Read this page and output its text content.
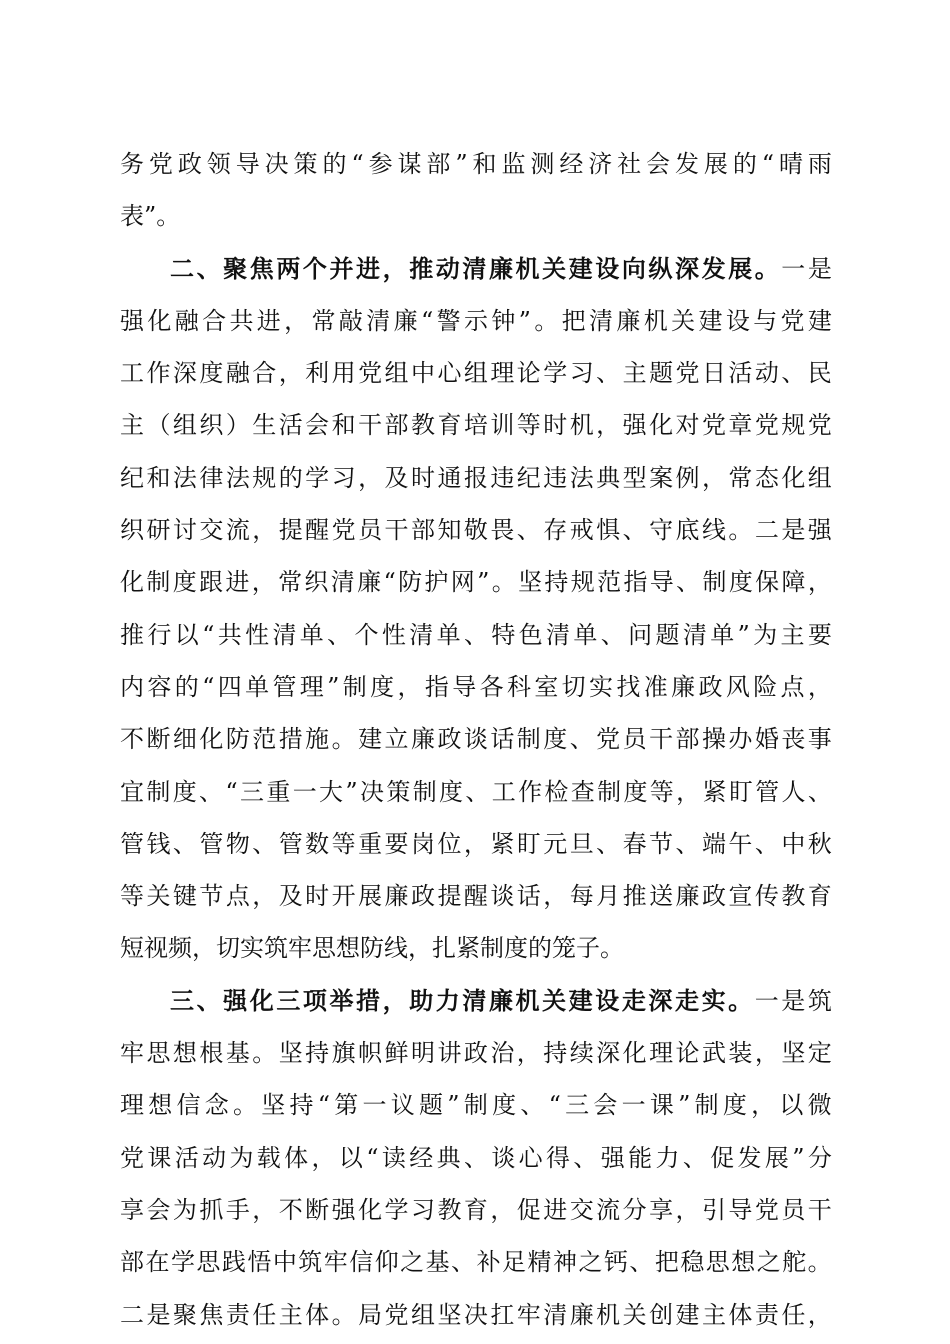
务 党 政 领 导 决 策 的 “ 参 谋 部 ” 和 监 测 经 济 社 会 发 展 的 “ 晴 雨
表”。
二 、 聚 焦 两 个 并 进 ， 推 动 清 廉 机 关 建 设 向 纵 深 发 展 。 一 是
强 化 融 合 共 进 ， 常 敲 清 廉 “ 警 示 钟 ” 。 把 清 廉 机 关 建 设 与 党 建
工 作 深 度 融 合 ， 利 用 党 组 中 心 组 理 论 学 习 、 主 题 党 日 活 动 、 民
主 （ 组 织 ） 生 活 会 和 干 部 教 育 培 训 等 时 机 ， 强 化 对 党 章 党 规 党
纪 和 法 律 法 规 的 学 习 ， 及 时 通 报 违 纪 违 法 典 型 案 例 ， 常 态 化 组
织 研 讨 交 流 ， 提 醒 党 员 干 部 知 敬 畏 、 存 戒 惧 、 守 底 线 。 二 是 强
化 制 度 跟 进 ， 常 织 清 廉 “ 防 护 网 ” 。 坚 持 规 范 指 导 、 制 度 保 障 ，
推 行 以 “ 共 性 清 单 、 个 性 清 单 、 特 色 清 单 、 问 题 清 单 ” 为 主 要
内 容 的 “ 四 单 管 理 ” 制 度 ， 指 导 各 科 室 切 实 找 准 廉 政 风 险 点 ，
不 断 细 化 防 范 措 施 。 建 立 廉 政 谈 话 制 度 、 党 员 干 部 操 办 婚 丧 事
宜 制 度 、 “ 三 重 一 大 ” 决 策 制 度 、 工 作 检 查 制 度 等 ， 紧 盯 管 人 、
管 钱 、 管 物 、 管 数 等 重 要 岗 位 ， 紧 盯 元 旦 、 春 节 、 端 午 、 中 秋
等 关 键 节 点 ， 及 时 开 展 廉 政 提 醒 谈 话 ， 每 月 推 送 廉 政 宣 传 教 育
短视频，切实筑牢思想防线，扎紧制度的笼子。
三 、 强 化 三 项 举 措 ， 助 力 清 廉 机 关 建 设 走 深 走 实 。 一 是 筑
牢 思 想 根 基 。 坚 持 旗 帜 鲜 明 讲 政 治 ， 持 续 深 化 理 论 武 装 ， 坚 定
理 想 信 念 。 坚 持 “ 第 一 议 题 ” 制 度 、 “ 三 会 一 课 ” 制 度 ， 以 微
党 课 活 动 为 载 体 ， 以 “ 读 经 典 、 谈 心 得 、 强 能 力 、 促 发 展 ” 分
享 会 为 抓 手 ， 不 断 强 化 学 习 教 育 ， 促 进 交 流 分 享 ， 引 导 党 员 干
部 在 学 思 践 悟 中 筑 牢 信 仰 之 基 、 补 足 精 神 之 钙 、 把 稳 思 想 之 舵 。
二 是 聚 焦 责 任 主 体 。 局 党 组 坚 决 扛 牢 清 廉 机 关 创 建 主 体 责 任 ，
